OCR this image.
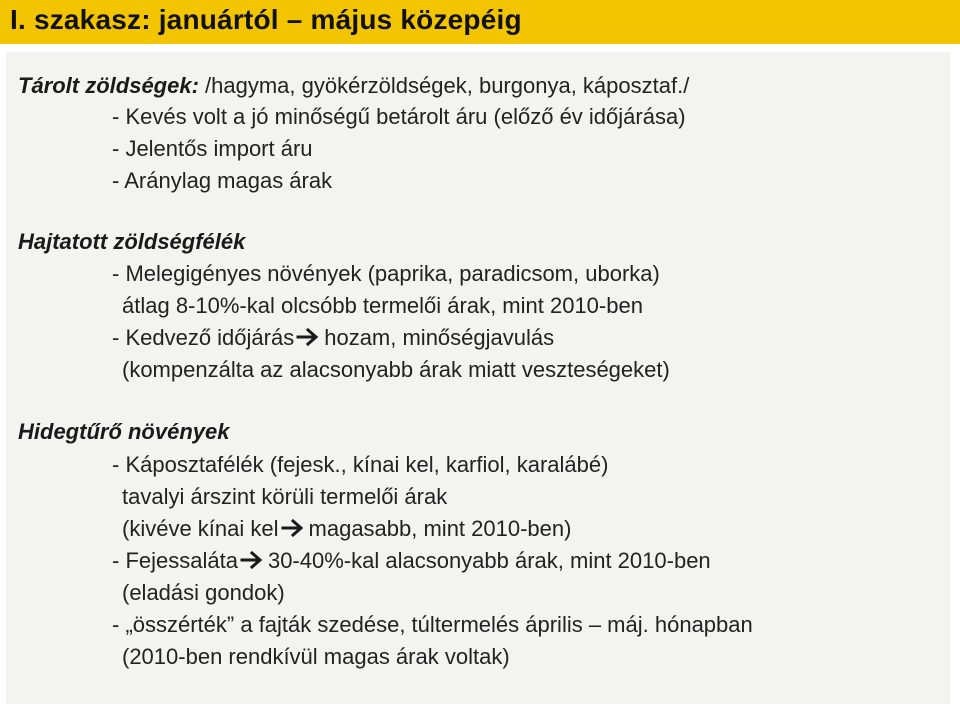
I. szakasz: januártól – május közepéig
Tárolt zöldségek: /hagyma, gyökérzöldségek, burgonya, káposztaf./
- Kevés volt a jó minőségű betárolt áru (előző év időjárása)
- Jelentős import áru
- Aránylag magas árak
Hajtatott zöldségfélék
- Melegigényes növények (paprika, paradicsom, uborka)
átlag 8-10%-kal olcsóbb termelői árak, mint 2010-ben
- Kedvező időjárás hozam, minőségjavulás
(kompenzálta az alacsonyabb árak miatt veszteségeket)
Hidegtűrő növények
- Káposztafélék (fejesk., kínai kel, karfiol, karalábé)
tavalyi árszint körüli termelői árak
(kivéve kínai kel magasabb, mint 2010-ben)
- Fejessaláta 30-40%-kal alacsonyabb árak, mint 2010-ben
(eladási gondok)
- „összérték” a fajták szedése, túltermelés április – máj. hónapban
(2010-ben rendkívül magas árak voltak)
